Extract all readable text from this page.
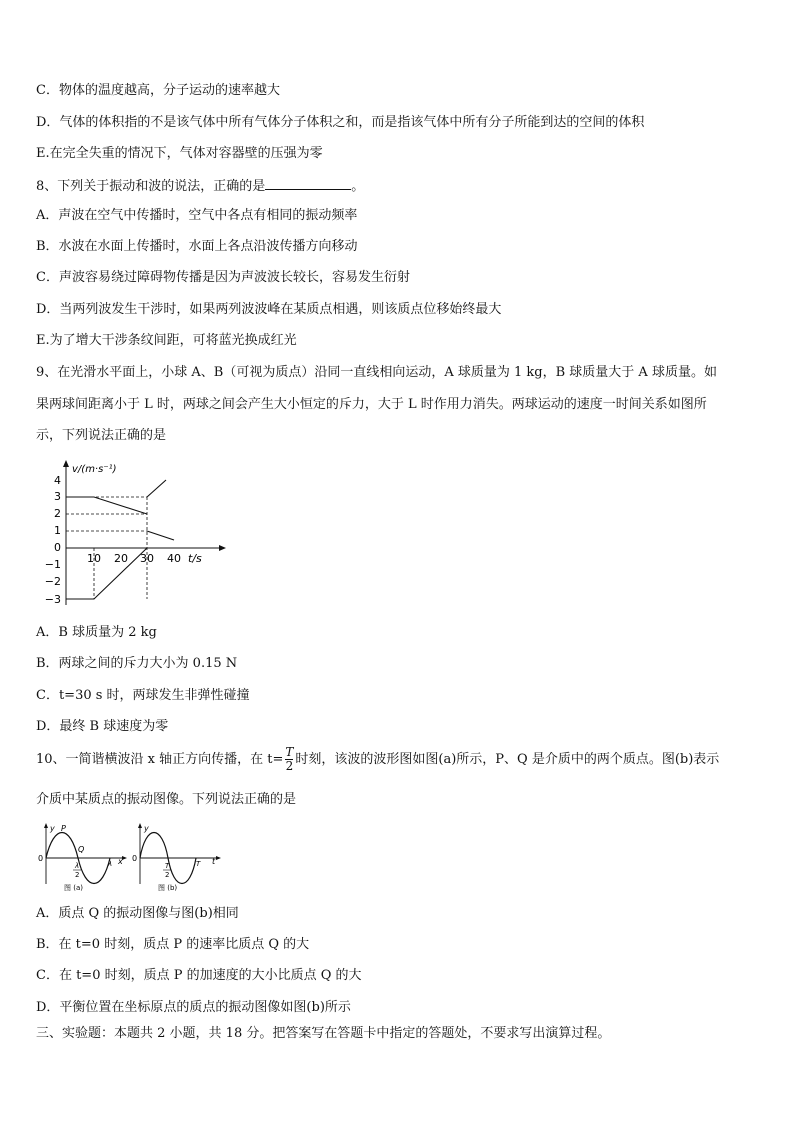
C．物体的温度越高，分子运动的速率越大
D．气体的体积指的不是该气体中所有气体分子体积之和，而是指该气体中所有分子所能到达的空间的体积
E.在完全失重的情况下，气体对容器壁的压强为零
8、下列关于振动和波的说法，正确的是	。
A．声波在空气中传播时，空气中各点有相同的振动频率
B．水波在水面上传播时，水面上各点沿波传播方向移动
C．声波容易绕过障碍物传播是因为声波波长较长，容易发生衍射
D．当两列波发生干涉时，如果两列波波峰在某质点相遇，则该质点位移始终最大
E.为了增大干涉条纹间距，可将蓝光换成红光
9、在光滑水平面上，小球 A、B（可视为质点）沿同一直线相向运动，A 球质量为 1 kg，B 球质量大于 A 球质量。如
果两球间距离小于 L 时，两球之间会产生大小恒定的斥力，大于 L 时作用力消失。两球运动的速度一时间关系如图所
示，下列说法正确的是
v/(m·s⁻¹)
t/s
4
3
2
1
0
−1
−2
−3
10 20 30 40
A．B 球质量为 2 kg
B．两球之间的斥力大小为 0.15 N
C．t=30 s 时，两球发生非弹性碰撞
D．最终 B 球速度为零
10、一简谐横波沿 x 轴正方向传播，在 $t= \frac{T}{2}$ 时刻，该波的波形图如图(a)所示，P、Q 是介质中的两个质点。图(b)表示
介质中某质点的振动图像。下列说法正确的是
y P
Q
0
λ
2
λ x
图 (a)
y
0
T
2
T t
图 (b)
A．质点 Q 的振动图像与图(b)相同
B．在 t=0 时刻，质点 P 的速率比质点 Q 的大
C．在 t=0 时刻，质点 P 的加速度的大小比质点 Q 的大
D．平衡位置在坐标原点的质点的振动图像如图(b)所示
三、实验题：本题共 2 小题，共 18 分。把答案写在答题卡中指定的答题处，不要求写出演算过程。
